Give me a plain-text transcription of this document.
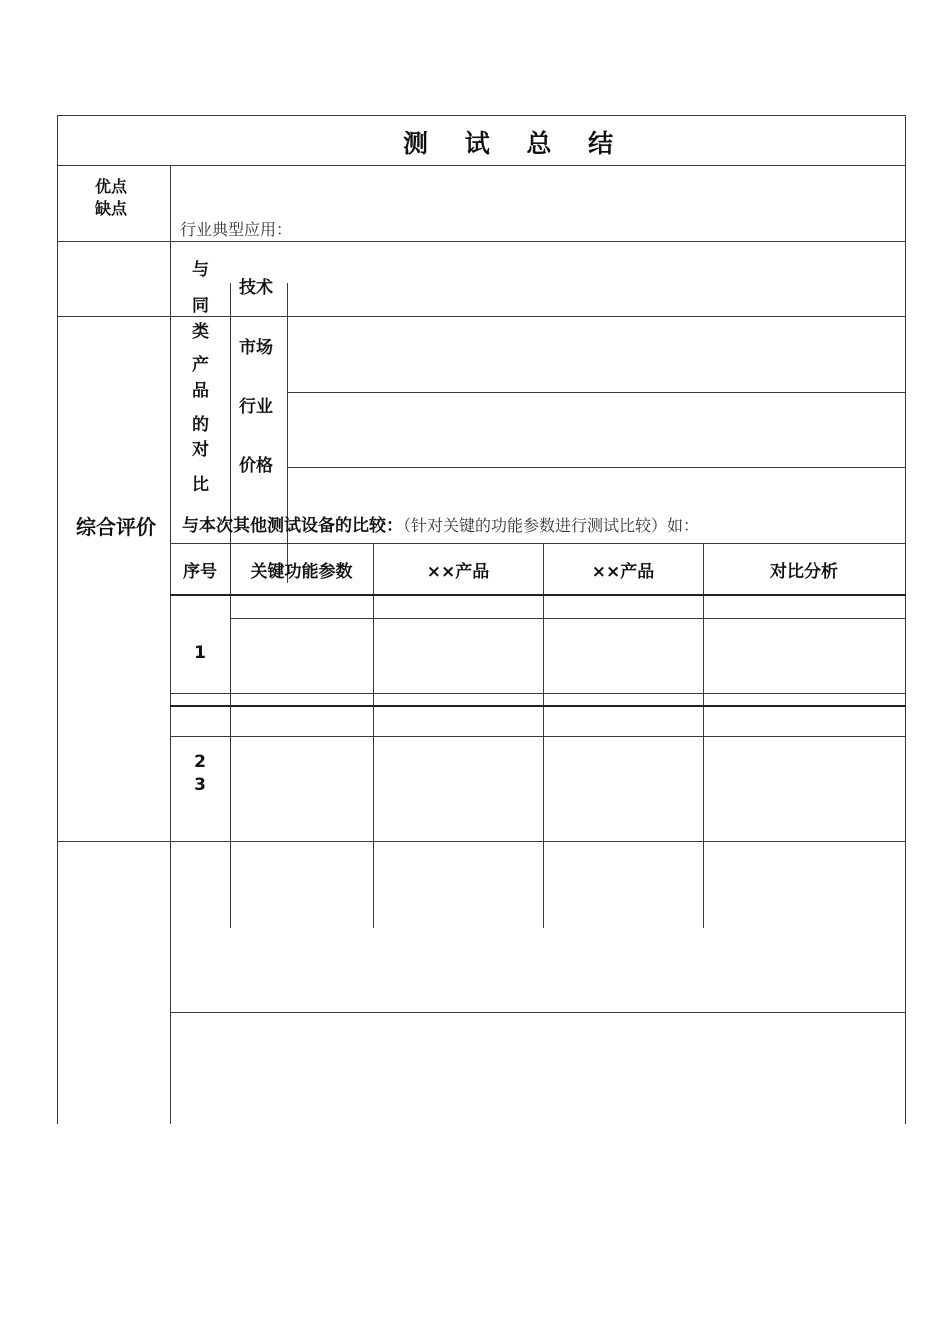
测 试 总 结
优点
缺点
行业典型应用：
与
同
类
产
品
的
对
比
技术
市场
行业
价格
综合评价 与本次其他测试设备的比较：（针对关键的功能参数进行测试比较）如：
序号	关键功能参数	××产品	××产品	对比分析
1
2
3
